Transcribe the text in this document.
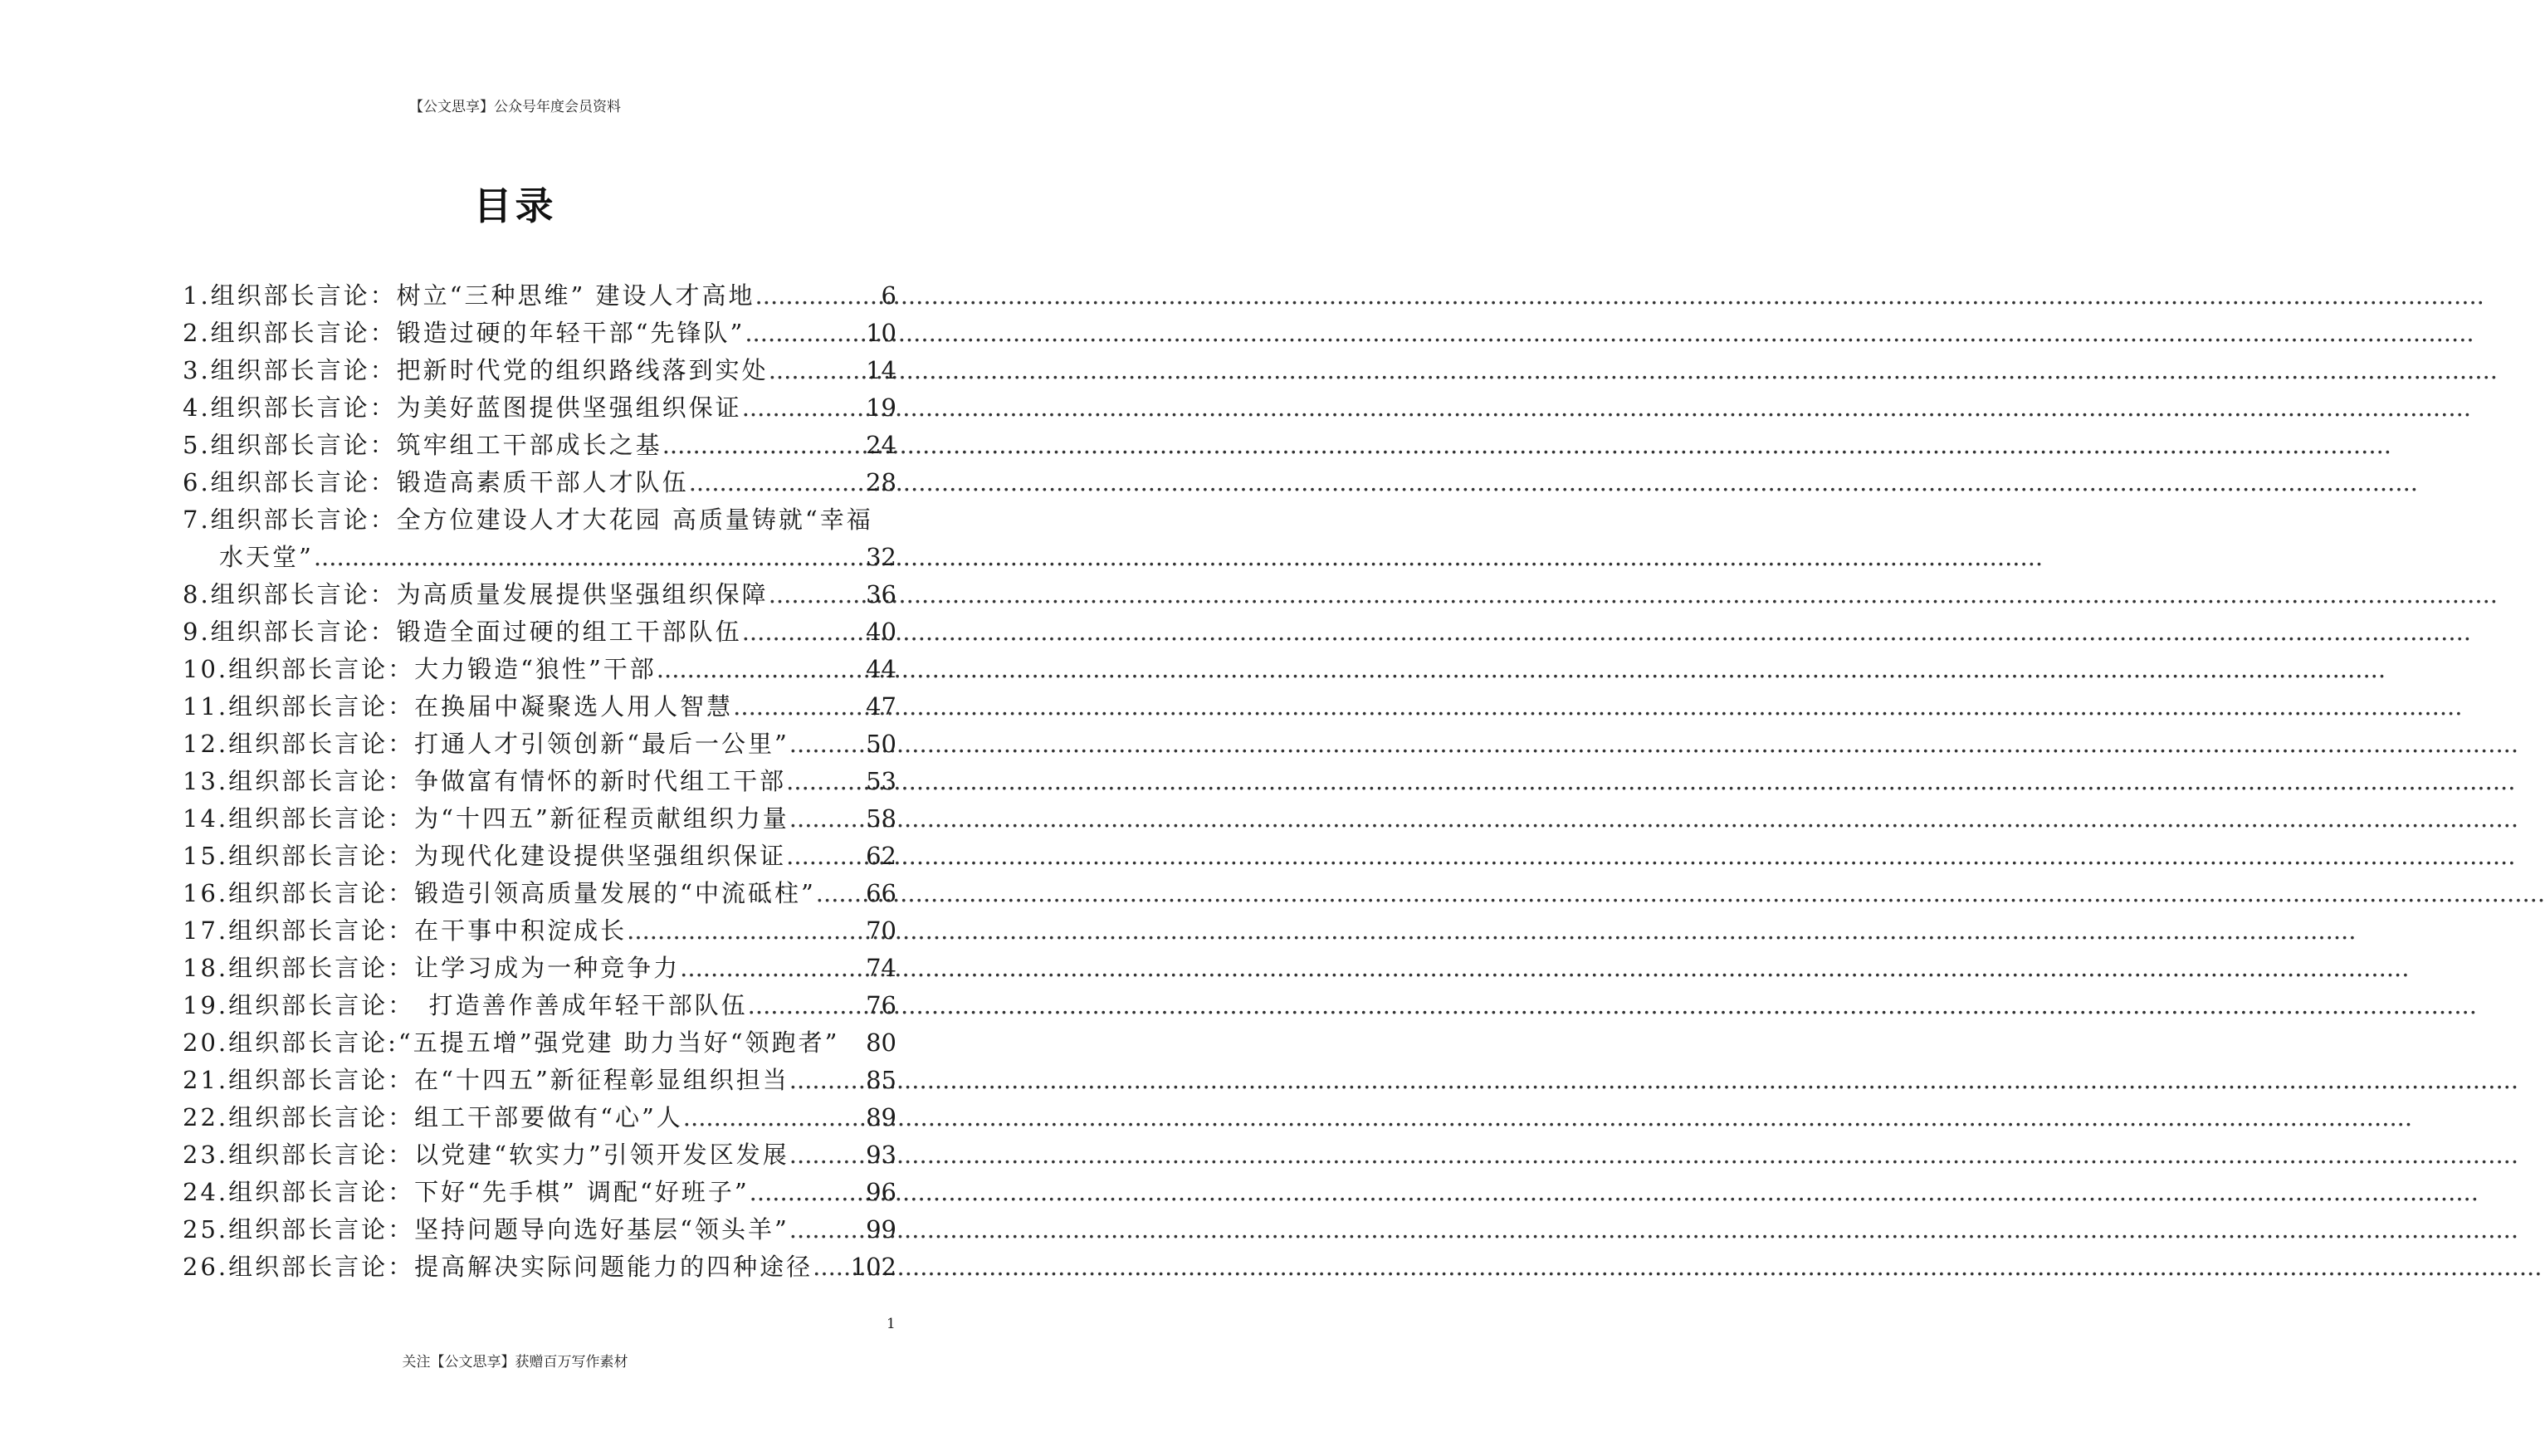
【公文思享】公众号年度会员资料
目录
1. 组织部长言论：树立“三种思维” 建设人才高地 .....	6
2. 组织部长言论：锻造过硬的年轻干部“先锋队” .....	10
3. 组织部长言论：把新时代党的组织路线落到实处 .....	14
4. 组织部长言论：为美好蓝图提供坚强组织保证 .....	19
5. 组织部长言论：筑牢组工干部成长之基 .....	24
6. 组织部长言论：锻造高素质干部人才队伍 .....	28
7. 组织部长言论：全方位建设人才大花园 高质量铸就“幸福
水天堂” .....	32
8. 组织部长言论：为高质量发展提供坚强组织保障 .....	36
9. 组织部长言论：锻造全面过硬的组工干部队伍 .....	40
10. 组织部长言论：大力锻造“狼性”干部 .....	44
11. 组织部长言论：在换届中凝聚选人用人智慧 .....	47
12. 组织部长言论：打通人才引领创新“最后一公里” .....	50
13. 组织部长言论：争做富有情怀的新时代组工干部 .....	53
14. 组织部长言论：为“十四五”新征程贡献组织力量 .....	58
15. 组织部长言论：为现代化建设提供坚强组织保证 .....	62
16. 组织部长言论：锻造引领高质量发展的“中流砥柱” ..... 66
17. 组织部长言论：在干事中积淀成长 .....	70
18. 组织部长言论：让学习成为一种竞争力 .....	74
19. 组织部长言论：　打造善作善成年轻干部队伍 .....	76
20. 组织部长言论:“五提五增”强党建 助力当好“领跑者” 80
21. 组织部长言论：在“十四五”新征程彰显组织担当 .....	85
22. 组织部长言论：组工干部要做有“心”人 .....	89
23. 组织部长言论：以党建“软实力”引领开发区发展 .....	93
24. 组织部长言论：下好“先手棋” 调配“好班子” .....	96
25. 组织部长言论：坚持问题导向选好基层“领头羊” .....	99
26. 组织部长言论：提高解决实际问题能力的四种途径 ..... 102
1
关注【公文思享】获赠百万写作素材
